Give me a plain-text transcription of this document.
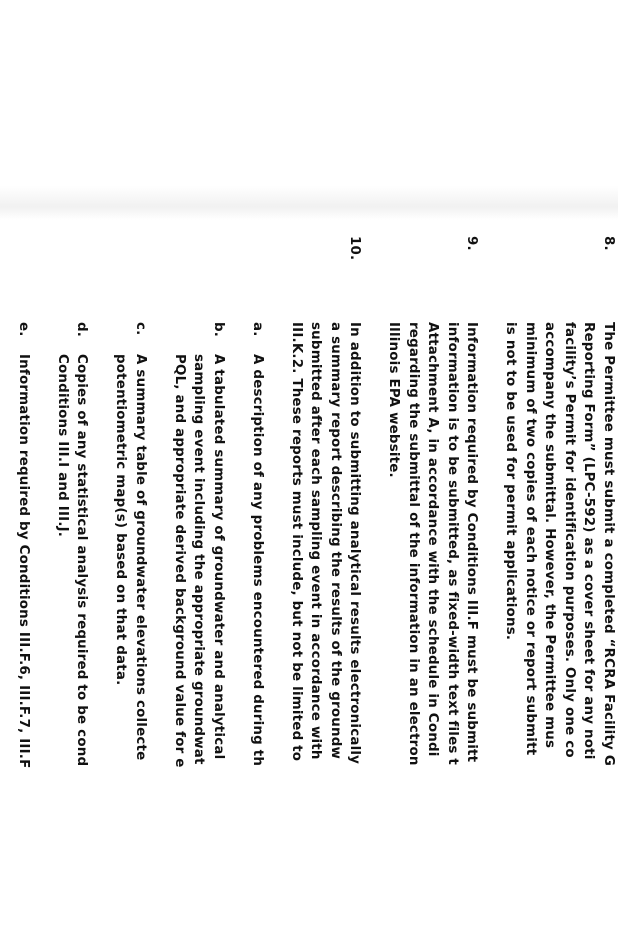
8.
The Permittee must submit a completed “RCRA Facility G
Reporting Form” (LPC-592) as a cover sheet for any noti
facility’s Permit for identification purposes. Only one co
accompany the submittal. However, the Permittee mus
minimum of two copies of each notice or report submitt
is not to be used for permit applications.
9.
Information required by Conditions III.F must be submitt
information is to be submitted, as fixed-width text files t
Attachment A, in accordance with the schedule in Condi
regarding the submittal of the information in an electron
Illinois EPA website.
10.
In addition to submitting analytical results electronically
a summary report describing the results of the groundw
submitted after each sampling event in accordance with
III.K.2. These reports must include, but not be limited to
a.
A description of any problems encountered during th
b.
A tabulated summary of groundwater and analytical
sampling event including the appropriate groundwat
PQL, and appropriate derived background value for e
c.
A summary table of groundwater elevations collecte
potentiometric map(s) based on that data.
d.
Copies of any statistical analysis required to be cond
Conditions III.I and III.J.
e.
Information required by Conditions III.F.6, III.F.7, III.F
